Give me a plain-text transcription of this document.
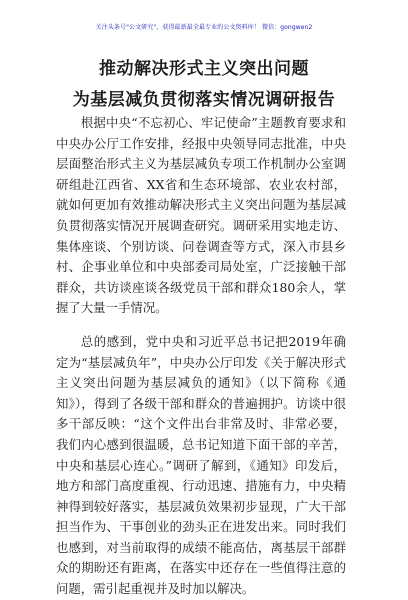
关注头条号"公文研究"，获得最新最全最专业的公文资料库！ 微信：gongwen2
推动解决形式主义突出问题
为基层减负贯彻落实情况调研报告

根据中央“不忘初心、牢记使命”主题教育要求和中央办公厅工作安排，经报中央领导同志批准，中央层面整治形式主义为基层减负专项工作机制办公室调研组赴江西省、XX省和生态环境部、农业农村部，就如何更加有效推动解决形式主义突出问题为基层减负贯彻落实情况开展调查研究。调研采用实地走访、集体座谈、个别访谈、问卷调查等方式，深入市县乡村、企事业单位和中央部委司局处室，广泛接触干部群众，共访谈座谈各级党员干部和群众180余人，掌握了大量一手情况。

总的感到，党中央和习近平总书记把2019年确定为“基层减负年”，中央办公厅印发《关于解决形式主义突出问题为基层减负的通知》（以下简称《通知》），得到了各级干部和群众的普遍拥护。访谈中很多干部反映：“这个文件出台非常及时、非常必要，我们内心感到很温暖，总书记知道下面干部的辛苦，中央和基层心连心。”调研了解到，《通知》印发后，地方和部门高度重视、行动迅速、措施有力，中央精神得到较好落实，基层减负效果初步显现，广大干部担当作为、干事创业的劲头正在进发出来。同时我们也感到，对当前取得的成绩不能高估，离基层干部群众的期盼还有距离，在落实中还存在一些值得注意的问题，需引起重视并及时加以解决。
